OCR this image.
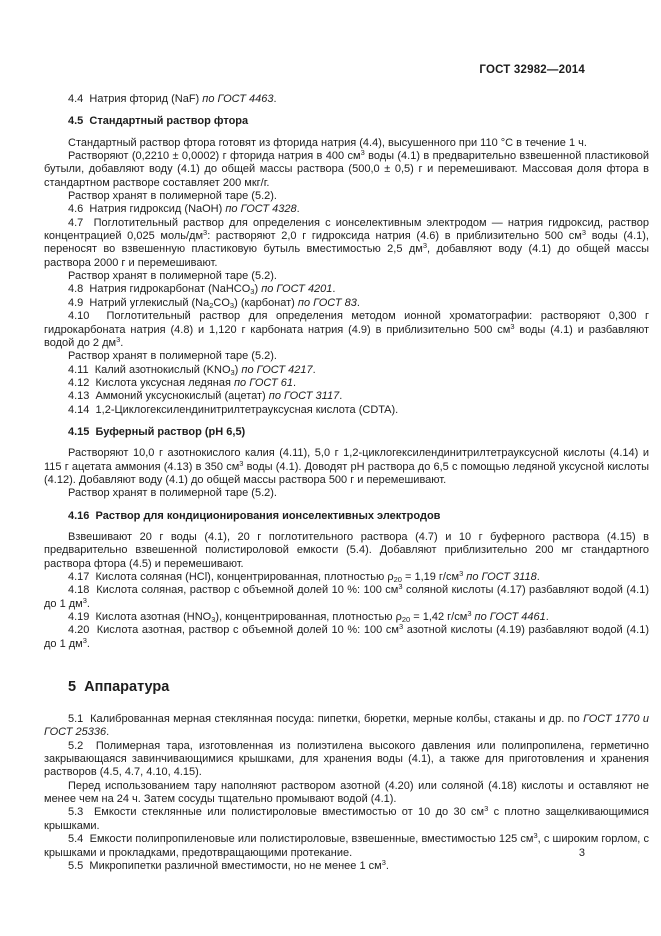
ГОСТ 32982—2014

4.4  Натрия фторид (NaF) по ГОСТ 4463.

4.5  Стандартный раствор фтора

Стандартный раствор фтора готовят из фторида натрия (4.4), высушенного при 110 °С в течение 1 ч.

Растворяют (0,2210 ± 0,0002) г фторида натрия в 400 $см^3$ воды (4.1) в предварительно взвешенной пластиковой бутыли, добавляют воду (4.1) до общей массы раствора (500,0 ± 0,5) г и перемешивают. Массовая доля фтора в стандартном растворе составляет 200 мкг/г.

Раствор хранят в полимерной таре (5.2).

4.6  Натрия гидроксид (NaOH) по ГОСТ 4328.

4.7  Поглотительный раствор для определения с ионселективным электродом — натрия гидроксид, раствор концентрацией 0,025 моль/$дм^3$: растворяют 2,0 г гидроксида натрия (4.6) в приблизительно 500 $см^3$ воды (4.1), переносят во взвешенную пластиковую бутыль вместимостью 2,5 $дм^3$, добавляют воду (4.1) до общей массы раствора 2000 г и перемешивают.

Раствор хранят в полимерной таре (5.2).

4.8  Натрия гидрокарбонат (NaHCO$_3$) по ГОСТ 4201.

4.9  Натрий углекислый $(Na_2CO_3)$ (карбонат) по ГОСТ 83.

4.10  Поглотительный раствор для определения методом ионной хроматографии: растворяют 0,300 г гидрокарбоната натрия (4.8) и 1,120 г карбоната натрия (4.9) в приблизительно 500 $см^3$ воды (4.1) и разбавляют водой до 2 $дм^3$.

Раствор хранят в полимерной таре (5.2).

4.11  Калий азотнокислый $(KNO_3)$ по ГОСТ 4217.

4.12  Кислота уксусная ледяная по ГОСТ 61.

4.13  Аммоний уксуснокислый (ацетат) по ГОСТ 3117.

4.14  1,2-Циклогексилендинитрилтетрауксусная кислота (CDTA).

4.15  Буферный раствор (рН 6,5)

Растворяют 10,0 г азотнокислого калия (4.11), 5,0 г 1,2-циклогексилендинитрилтетрауксусной кислоты (4.14) и 115 г ацетата аммония (4.13) в 350 $см^3$ воды (4.1). Доводят рН раствора до 6,5 с помощью ледяной уксусной кислоты (4.12). Добавляют воду (4.1) до общей массы раствора 500 г и перемешивают.

Раствор хранят в полимерной таре (5.2).

4.16  Раствор для кондиционирования ионселективных электродов

Взвешивают 20 г воды (4.1), 20 г поглотительного раствора (4.7) и 10 г буферного раствора (4.15) в предварительно взвешенной полистироловой емкости (5.4). Добавляют приблизительно 200 мг стандартного раствора фтора (4.5) и перемешивают.

4.17  Кислота соляная (HCl), концентрированная, плотностью $\rho_{20} = 1,19$ $г/см^3$ по ГОСТ 3118.

4.18  Кислота соляная, раствор с объемной долей 10 %: 100 $см^3$ соляной кислоты (4.17) разбавляют водой (4.1) до 1 $дм^3$.

4.19  Кислота азотная $(HNO_3)$, концентрированная, плотностью $\rho_{20} = 1,42$ $г/см^3$ по ГОСТ 4461.

4.20  Кислота азотная, раствор с объемной долей 10 %: 100 $см^3$ азотной кислоты (4.19) разбавляют водой (4.1) до 1 $дм^3$.

5  Аппаратура

5.1  Калиброванная мерная стеклянная посуда: пипетки, бюретки, мерные колбы, стаканы и др. по ГОСТ 1770 и ГОСТ 25336.

5.2  Полимерная тара, изготовленная из полиэтилена высокого давления или полипропилена, герметично закрывающаяся завинчивающимися крышками, для хранения воды (4.1), а также для приготовления и хранения растворов (4.5, 4.7, 4.10, 4.15).

Перед использованием тару наполняют раствором азотной (4.20) или соляной (4.18) кислоты и оставляют не менее чем на 24 ч. Затем сосуды тщательно промывают водой (4.1).

5.3  Емкости стеклянные или полистироловые вместимостью от 10 до 30 $см^3$ с плотно защелкивающимися крышками.

5.4  Емкости полипропиленовые или полистироловые, взвешенные, вместимостью 125 $см^3$, с широким горлом, с крышками и прокладками, предотвращающими протекание.

5.5  Микропипетки различной вместимости, но не менее 1 $см^3$.

3
